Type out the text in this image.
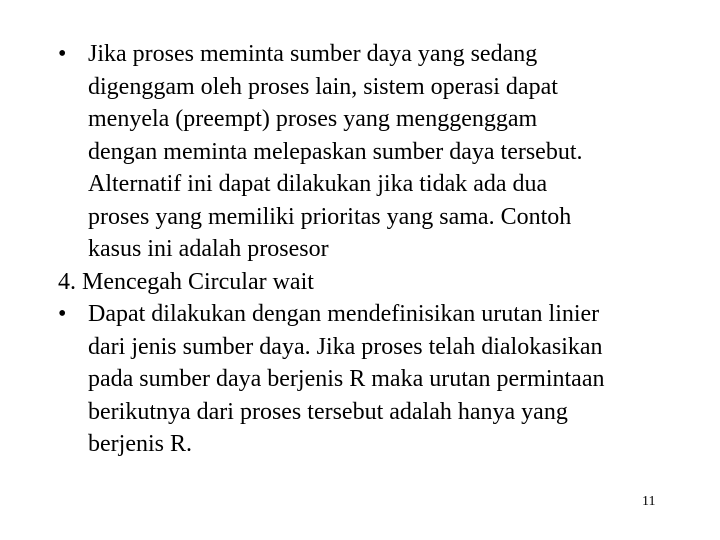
• Jika proses meminta sumber daya yang sedang
digenggam oleh proses lain, sistem operasi dapat
menyela (preempt) proses yang menggenggam
dengan meminta melepaskan sumber daya tersebut.
Alternatif ini dapat dilakukan jika tidak ada dua
proses yang memiliki prioritas yang sama. Contoh
kasus ini adalah prosesor
4. Mencegah Circular wait
• Dapat dilakukan dengan mendefinisikan urutan linier
dari jenis sumber daya. Jika proses telah dialokasikan
pada sumber daya berjenis R maka urutan permintaan
berikutnya dari proses tersebut adalah hanya yang
berjenis R.
11
